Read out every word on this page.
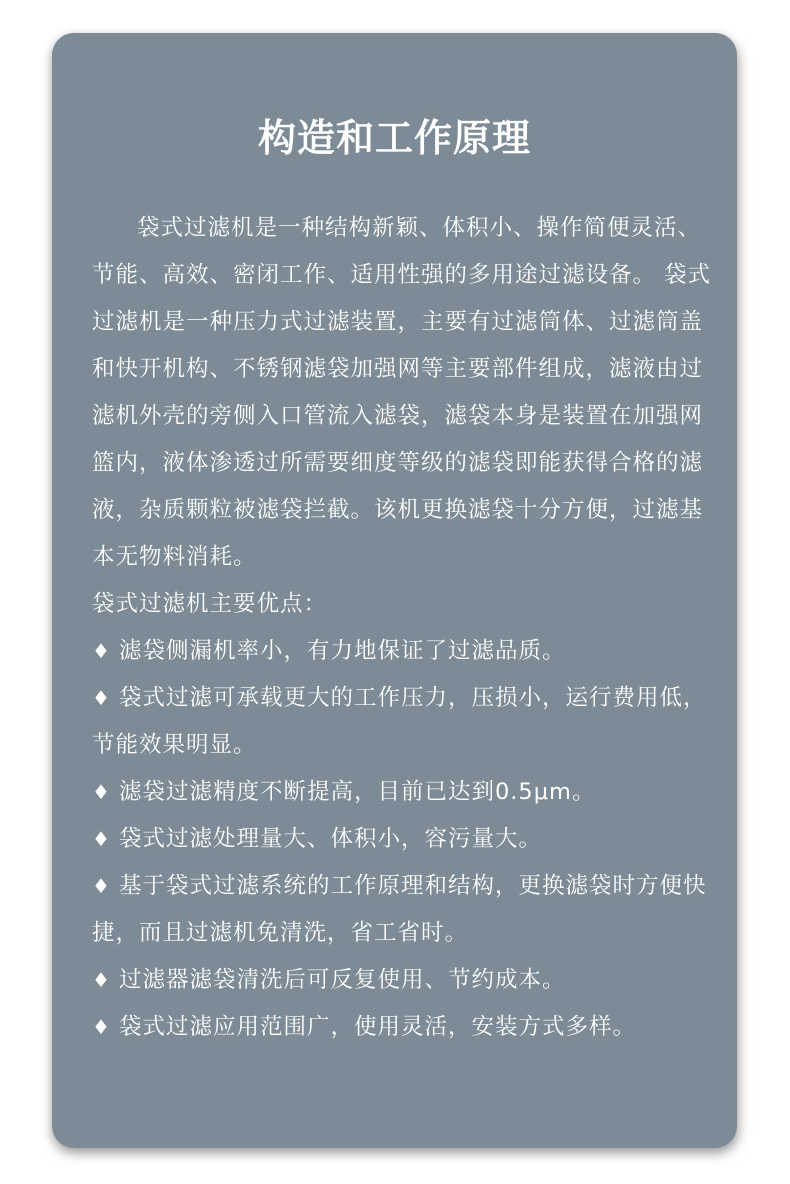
构造和工作原理

袋式过滤机是一种结构新颖、体积小、操作简便灵活、节能、高效、密闭工作、适用性强的多用途过滤设备。 袋式过滤机是一种压力式过滤装置，主要有过滤筒体、过滤筒盖和快开机构、不锈钢滤袋加强网等主要部件组成，滤液由过滤机外壳的旁侧入口管流入滤袋，滤袋本身是装置在加强网篮内，液体渗透过所需要细度等级的滤袋即能获得合格的滤液，杂质颗粒被滤袋拦截。该机更换滤袋十分方便，过滤基本无物料消耗。

袋式过滤机主要优点：

♦ 滤袋侧漏机率小，有力地保证了过滤品质。

♦ 袋式过滤可承载更大的工作压力，压损小，运行费用低，节能效果明显。

♦ 滤袋过滤精度不断提高，目前已达到0.5μm。

♦ 袋式过滤处理量大、体积小，容污量大。

♦ 基于袋式过滤系统的工作原理和结构，更换滤袋时方便快捷，而且过滤机免清洗，省工省时。

♦ 过滤器滤袋清洗后可反复使用、节约成本。

♦ 袋式过滤应用范围广，使用灵活，安装方式多样。
